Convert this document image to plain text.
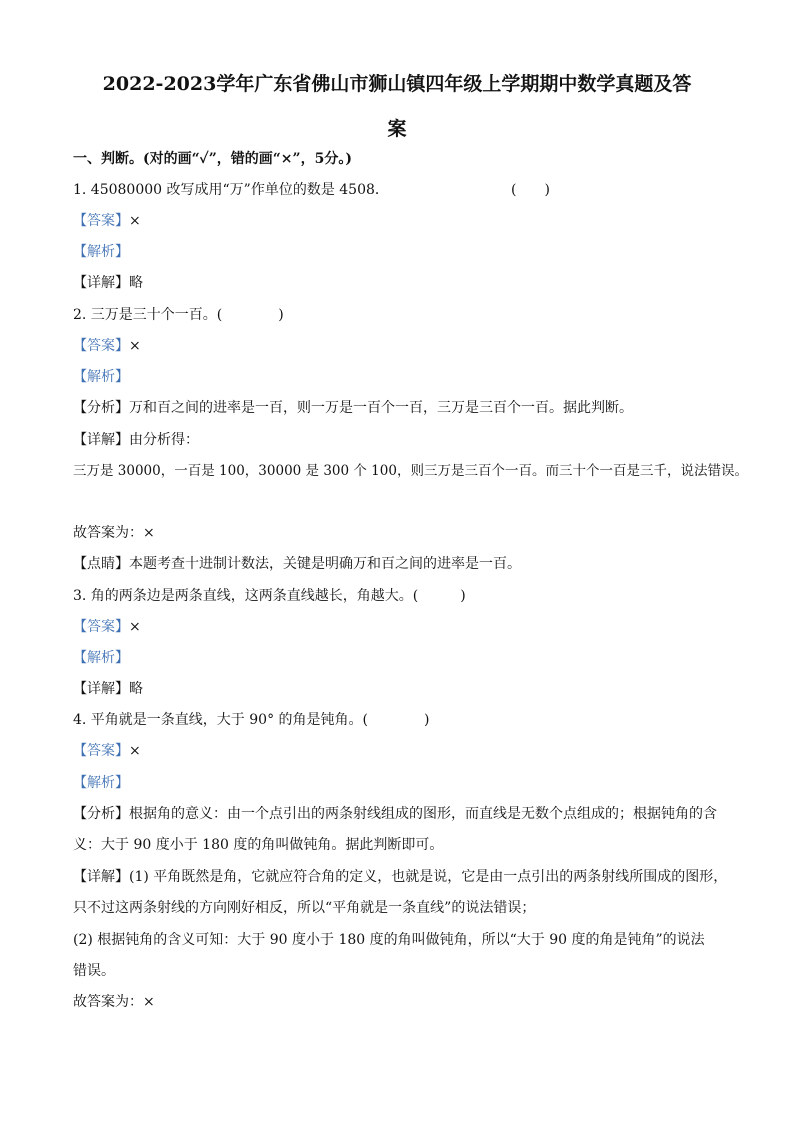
2022-2023学年广东省佛山市狮山镇四年级上学期期中数学真题及答
案
一、判断。(对的画“✓”，错的画“×”，5分。)
1. 45080000 改写成用“万”作单位的数是 4508．	(　　)
【答案】×
【解析】
【详解】略
2. 三万是三十个一百。(　　　　)
【答案】×
【解析】
【分析】万和百之间的进率是一百，则一万是一百个一百，三万是三百个一百。据此判断。
【详解】由分析得：
三万是 30000，一百是 100，30000 是 300 个 100，则三万是三百个一百。而三十个一百是三千，说法错误。
故答案为：×
【点睛】本题考查十进制计数法，关键是明确万和百之间的进率是一百。
3. 角的两条边是两条直线，这两条直线越长，角越大。(　　　)
【答案】×
【解析】
【详解】略
4. 平角就是一条直线，大于 90° 的角是钝角。(　　　　)
【答案】×
【解析】
【分析】根据角的意义：由一个点引出的两条射线组成的图形，而直线是无数个点组成的；根据钝角的含
义：大于 90 度小于 180 度的角叫做钝角。据此判断即可。
【详解】(1) 平角既然是角，它就应符合角的定义，也就是说，它是由一点引出的两条射线所围成的图形，
只不过这两条射线的方向刚好相反，所以“平角就是一条直线”的说法错误；
(2) 根据钝角的含义可知：大于 90 度小于 180 度的角叫做钝角，所以“大于 90 度的角是钝角”的说法
错误。
故答案为：×
